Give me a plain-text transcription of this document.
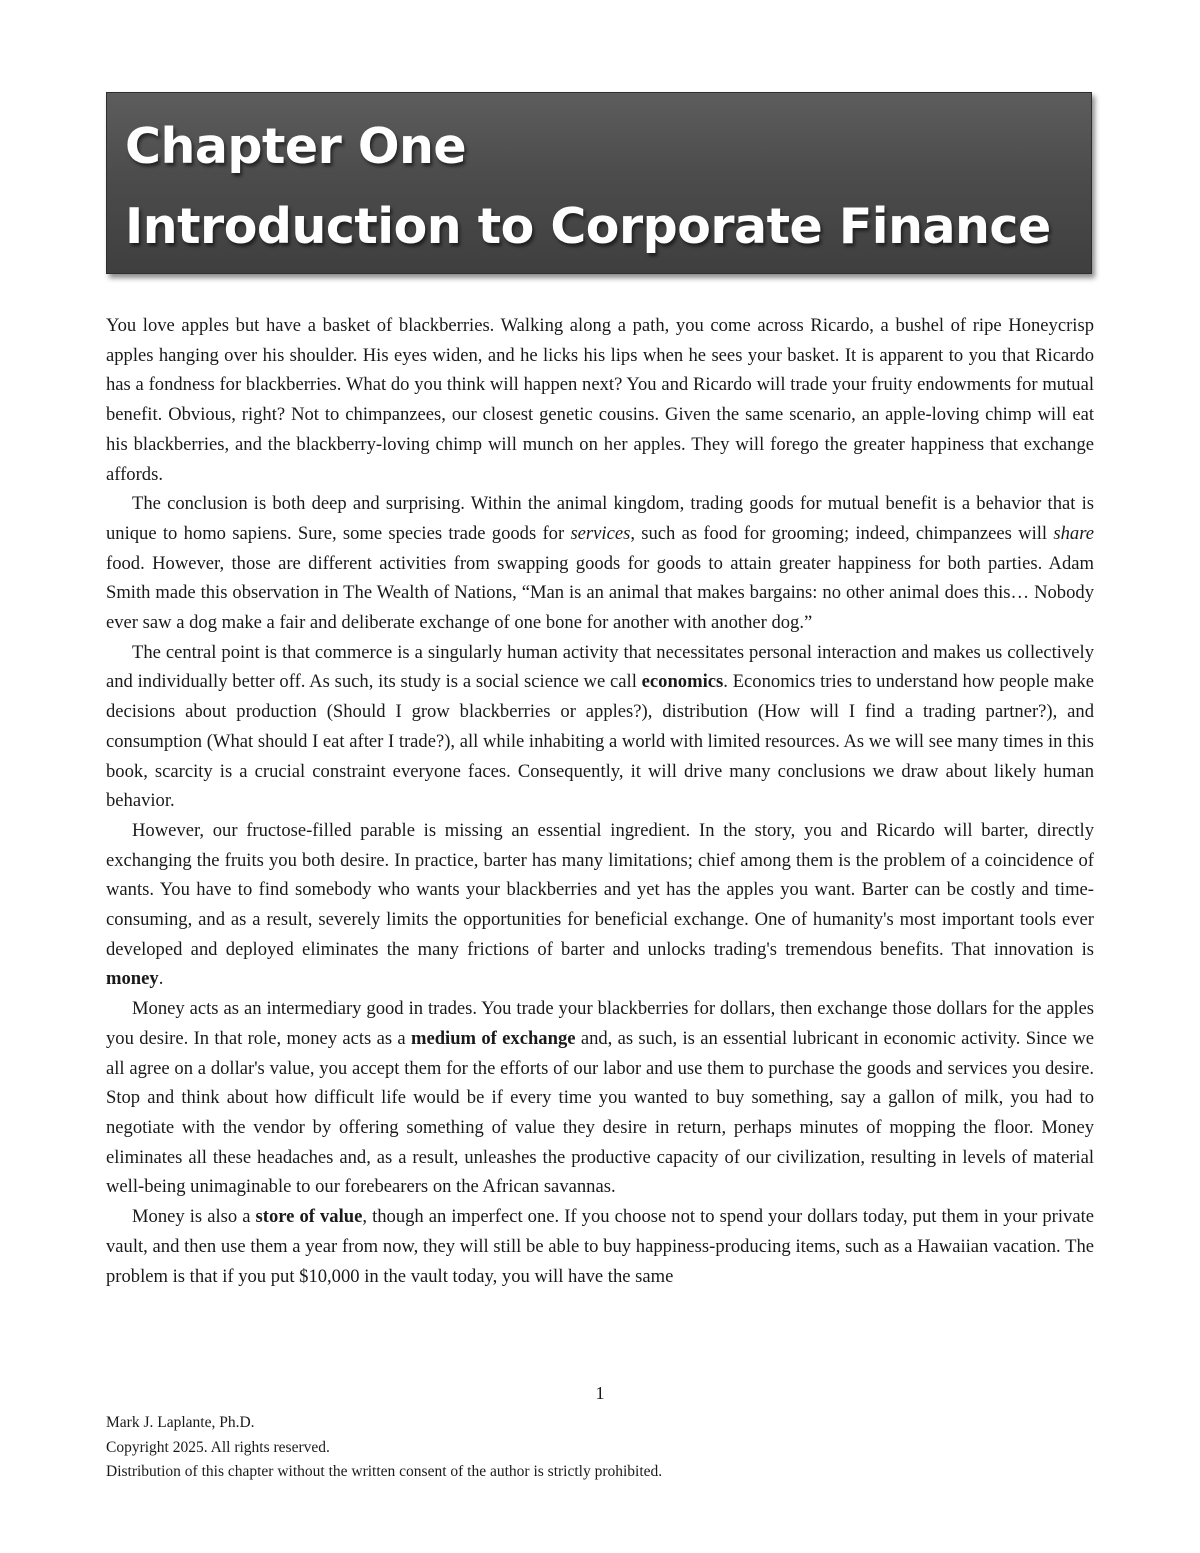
Chapter One
Introduction to Corporate Finance

You love apples but have a basket of blackberries. Walking along a path, you come across Ricardo, a bushel of ripe Honeycrisp apples hanging over his shoulder. His eyes widen, and he licks his lips when he sees your basket. It is apparent to you that Ricardo has a fondness for blackberries. What do you think will happen next? You and Ricardo will trade your fruity endowments for mutual benefit. Obvious, right? Not to chimpanzees, our closest genetic cousins. Given the same scenario, an apple-loving chimp will eat his blackberries, and the blackberry-loving chimp will munch on her apples. They will forego the greater happiness that exchange affords.

The conclusion is both deep and surprising. Within the animal kingdom, trading goods for mutual benefit is a behavior that is unique to homo sapiens. Sure, some species trade goods for services, such as food for grooming; indeed, chimpanzees will share food. However, those are different activities from swapping goods for goods to attain greater happiness for both parties. Adam Smith made this observation in The Wealth of Nations, “Man is an animal that makes bargains: no other animal does this… Nobody ever saw a dog make a fair and deliberate exchange of one bone for another with another dog.”

The central point is that commerce is a singularly human activity that necessitates personal interaction and makes us collectively and individually better off. As such, its study is a social science we call economics. Economics tries to understand how people make decisions about production (Should I grow blackberries or apples?), distribution (How will I find a trading partner?), and consumption (What should I eat after I trade?), all while inhabiting a world with limited resources. As we will see many times in this book, scarcity is a crucial constraint everyone faces. Consequently, it will drive many conclusions we draw about likely human behavior.

However, our fructose-filled parable is missing an essential ingredient. In the story, you and Ricardo will barter, directly exchanging the fruits you both desire. In practice, barter has many limitations; chief among them is the problem of a coincidence of wants. You have to find somebody who wants your blackberries and yet has the apples you want. Barter can be costly and time-consuming, and as a result, severely limits the opportunities for beneficial exchange. One of humanity's most important tools ever developed and deployed eliminates the many frictions of barter and unlocks trading's tremendous benefits. That innovation is money.

Money acts as an intermediary good in trades. You trade your blackberries for dollars, then exchange those dollars for the apples you desire. In that role, money acts as a medium of exchange and, as such, is an essential lubricant in economic activity. Since we all agree on a dollar's value, you accept them for the efforts of our labor and use them to purchase the goods and services you desire. Stop and think about how difficult life would be if every time you wanted to buy something, say a gallon of milk, you had to negotiate with the vendor by offering something of value they desire in return, perhaps minutes of mopping the floor. Money eliminates all these headaches and, as a result, unleashes the productive capacity of our civilization, resulting in levels of material well-being unimaginable to our forebearers on the African savannas.

Money is also a store of value, though an imperfect one. If you choose not to spend your dollars today, put them in your private vault, and then use them a year from now, they will still be able to buy happiness-producing items, such as a Hawaiian vacation. The problem is that if you put $10,000 in the vault today, you will have the same

1
Mark J. Laplante, Ph.D.
Copyright 2025. All rights reserved.
Distribution of this chapter without the written consent of the author is strictly prohibited.
